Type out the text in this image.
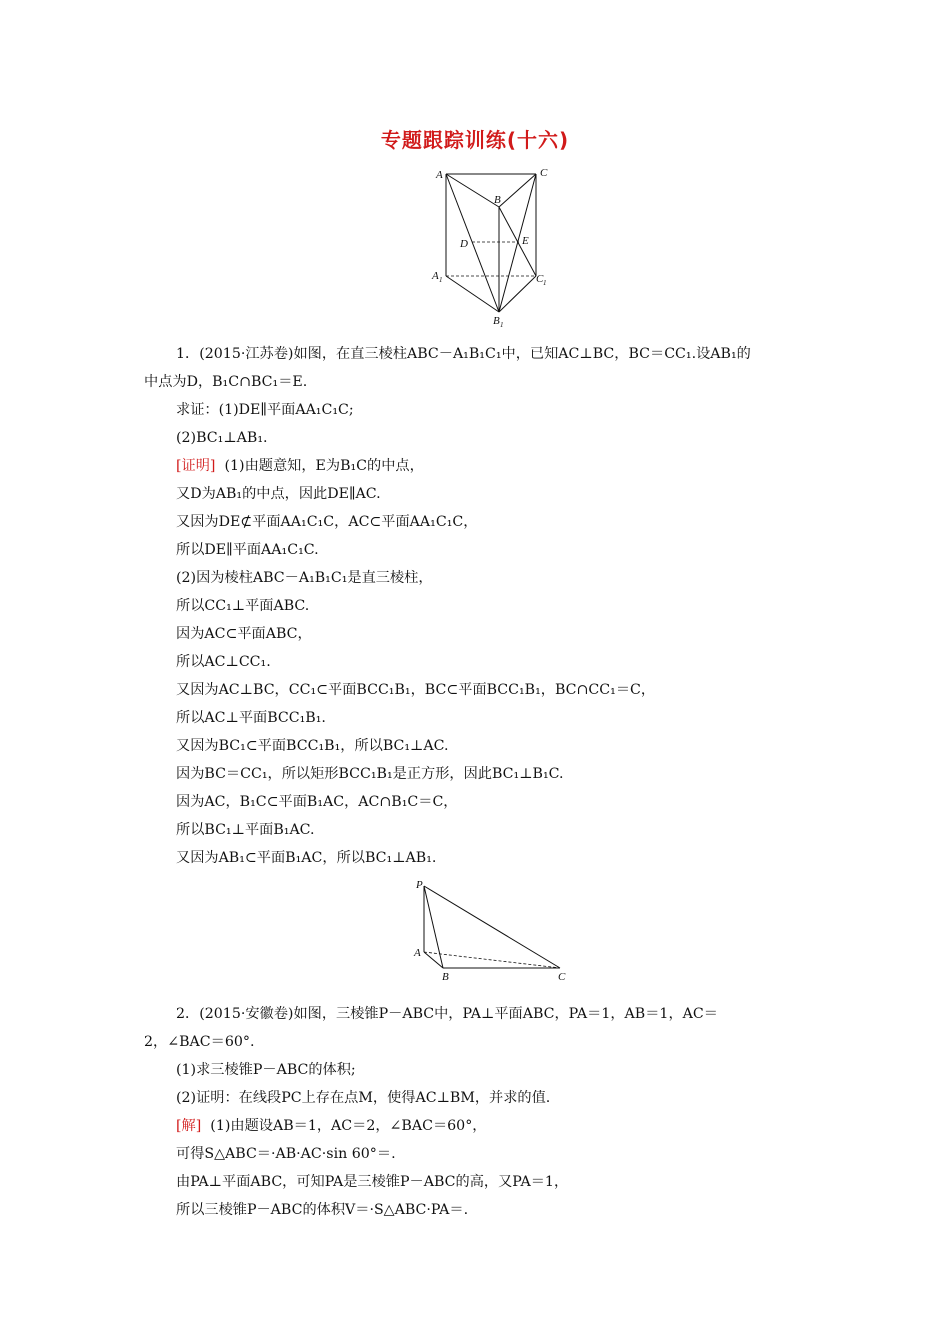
专题跟踪训练(十六)
A	C
B
D	E
A 1	C 1
B 1
P
A
B	C
1．(2015·江苏卷)如图，在直三棱柱ABC－A₁B₁C₁中，已知AC⊥BC，BC＝CC₁.设AB₁的
中点为D，B₁C∩BC₁＝E.
求证：(1)DE∥平面AA₁C₁C;
(2)BC₁⊥AB₁.
[证明] (1)由题意知，E为B₁C的中点，
又D为AB₁的中点，因此DE∥AC.
又因为DE⊄平面AA₁C₁C，AC⊂平面AA₁C₁C，
所以DE∥平面AA₁C₁C.
(2)因为棱柱ABC－A₁B₁C₁是直三棱柱，
所以CC₁⊥平面ABC.
因为AC⊂平面ABC，
所以AC⊥CC₁.
又因为AC⊥BC，CC₁⊂平面BCC₁B₁，BC⊂平面BCC₁B₁，BC∩CC₁＝C，
所以AC⊥平面BCC₁B₁.
又因为BC₁⊂平面BCC₁B₁，所以BC₁⊥AC.
因为BC＝CC₁，所以矩形BCC₁B₁是正方形，因此BC₁⊥B₁C.
因为AC，B₁C⊂平面B₁AC，AC∩B₁C＝C，
所以BC₁⊥平面B₁AC.
又因为AB₁⊂平面B₁AC，所以BC₁⊥AB₁.
2．(2015·安徽卷)如图，三棱锥P－ABC中，PA⊥平面ABC，PA＝1，AB＝1，AC＝
2，∠BAC＝60°.
(1)求三棱锥P－ABC的体积;
(2)证明：在线段PC上存在点M，使得AC⊥BM，并求的值.
[解] (1)由题设AB＝1，AC＝2，∠BAC＝60°，
可得S△ABC＝·AB·AC·sin 60°＝.
由PA⊥平面ABC，可知PA是三棱锥P－ABC的高，又PA＝1，
所以三棱锥P－ABC的体积V＝·S△ABC·PA＝.
